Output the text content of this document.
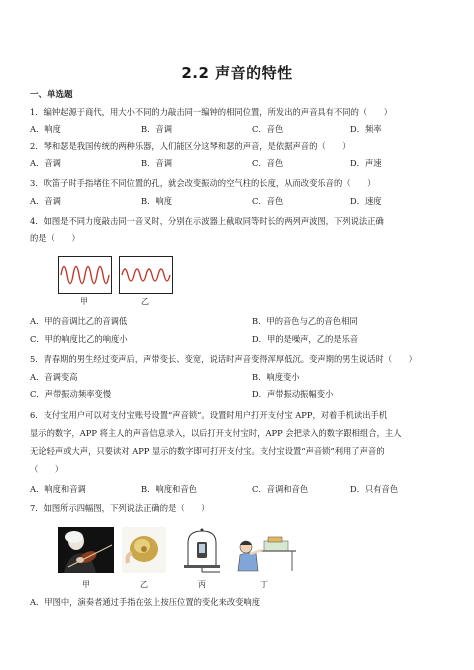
2.2 声音的特性
一、单选题
1．编钟起源于商代，用大小不同的力敲击同一编钟的相同位置，所发出的声音具有不同的（　　）
A．响度	B．音调	C．音色	D．频率
2．琴和瑟是我国传统的两种乐器，人们能区分这琴和瑟的声音，是依据声音的（　　）
A．音调	B．音调	C．音色	D．声速
3．吹笛子时手指堵住不同位置的孔，就会改变振动的空气柱的长度，从而改变乐音的（　　）
A．音调	B．响度	C．音色	D．速度
4．如图是不同力度敲击同一音叉时，分别在示波器上截取同等时长的两列声波图，下列说法正确
的是（　　）
甲	乙
A．甲的音调比乙的音调低	B．甲的音色与乙的音色相同
C．甲的响度比乙的响度小	D．甲的是噪声，乙的是乐音
5．青春期的男生经过变声后，声带变长、变宽，说话时声音变得浑厚低沉。变声期的男生说话时（　　）
A．音调变高	B．响度变小
C．声带振动频率变慢	D．声带振动振幅变小
6．支付宝用户可以对支付宝账号设置“声音锁”。设置时用户打开支付宝 APP，对着手机读出手机
显示的数字，APP 将主人的声音信息录入，以后打开支付宝时，APP 会把录入的数字跟相组合，主人
无论轻声或大声，只要读对 APP 显示的数字即可打开支付宝。支付宝设置“声音锁”利用了声音的
（　　）
A．响度和音调	B．响度和音色	C．音调和音色	D．只有音色
7．如图所示四幅图，下列说法正确的是（　　）
甲	乙	丙	丁
A．甲图中，演奏者通过手指在弦上按压位置的变化来改变响度
